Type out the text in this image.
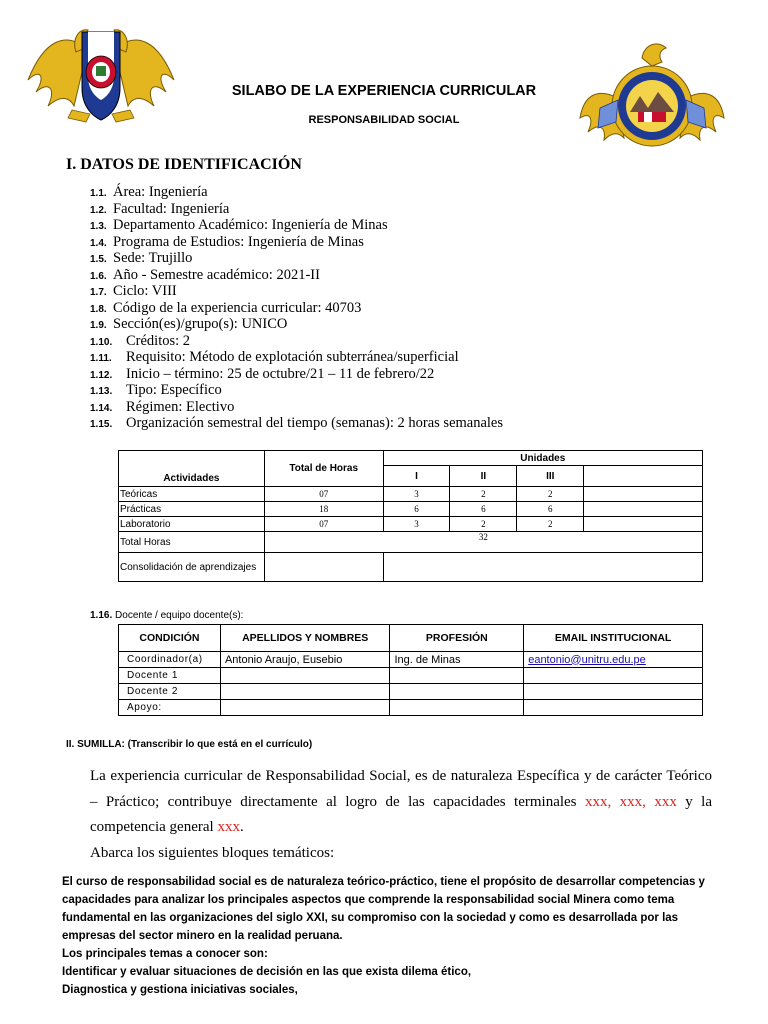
SILABO DE LA EXPERIENCIA CURRICULAR
RESPONSABILIDAD SOCIAL
I. DATOS DE IDENTIFICACIÓN
1.1. Área: Ingeniería
1.2. Facultad: Ingeniería
1.3. Departamento Académico: Ingeniería de Minas
1.4. Programa de Estudios: Ingeniería de Minas
1.5. Sede: Trujillo
1.6. Año - Semestre académico: 2021-II
1.7. Ciclo: VIII
1.8. Código de la experiencia curricular: 40703
1.9. Sección(es)/grupo(s): UNICO
1.10. Créditos: 2
1.11. Requisito: Método de explotación subterránea/superficial
1.12. Inicio – término: 25 de octubre/21 – 11 de febrero/22
1.13. Tipo: Específico
1.14. Régimen: Electivo
1.15. Organización semestral del tiempo (semanas): 2 horas semanales
Actividades	Total de Horas	Unidades			
		I	II	III	
Teóricas	07	3	2	2	
Prácticas	18	6	6	6	
Laboratorio	07	3	2	2	
Total Horas	32				
Consolidación de aprendizajes					
1.16. Docente / equipo docente(s):
CONDICIÓN	APELLIDOS Y NOMBRES	PROFESIÓN	EMAIL INSTITUCIONAL
Coordinador(a)	Antonio Araujo, Eusebio	Ing. de Minas	eantonio@unitru.edu.pe
Docente 1			
Docente 2			
Apoyo:			
II. SUMILLA: (Transcribir lo que está en el currículo)
La experiencia curricular de Responsabilidad Social, es de naturaleza Específica y de carácter Teórico – Práctico; contribuye directamente al logro de las capacidades terminales xxx, xxx, xxx y la competencia general xxx.
Abarca los siguientes bloques temáticos:
El curso de responsabilidad social es de naturaleza teórico-práctico, tiene el propósito de desarrollar competencias y capacidades para analizar los principales aspectos que comprende la responsabilidad social Minera como tema fundamental en las organizaciones del siglo XXI, su compromiso con la sociedad y como es desarrollada por las empresas del sector minero en la realidad peruana.
Los principales temas a conocer son:
Identificar y evaluar situaciones de decisión en las que exista dilema ético,
Diagnostica y gestiona iniciativas sociales,
